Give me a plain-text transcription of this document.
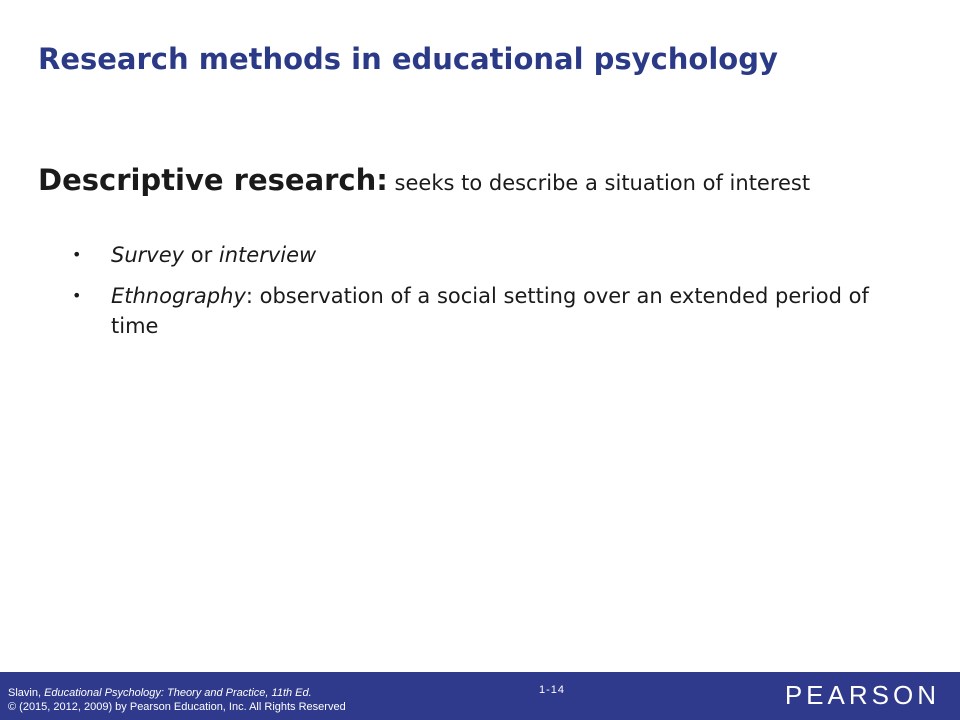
Research methods in educational psychology

Descriptive research: seeks to describe a situation of interest

• Survey or interview
• Ethnography: observation of a social setting over an extended period of time
Slavin, Educational Psychology: Theory and Practice, 11th Ed.
© (2015, 2012, 2009) by Pearson Education, Inc. All Rights Reserved
1-14	PEARSON
